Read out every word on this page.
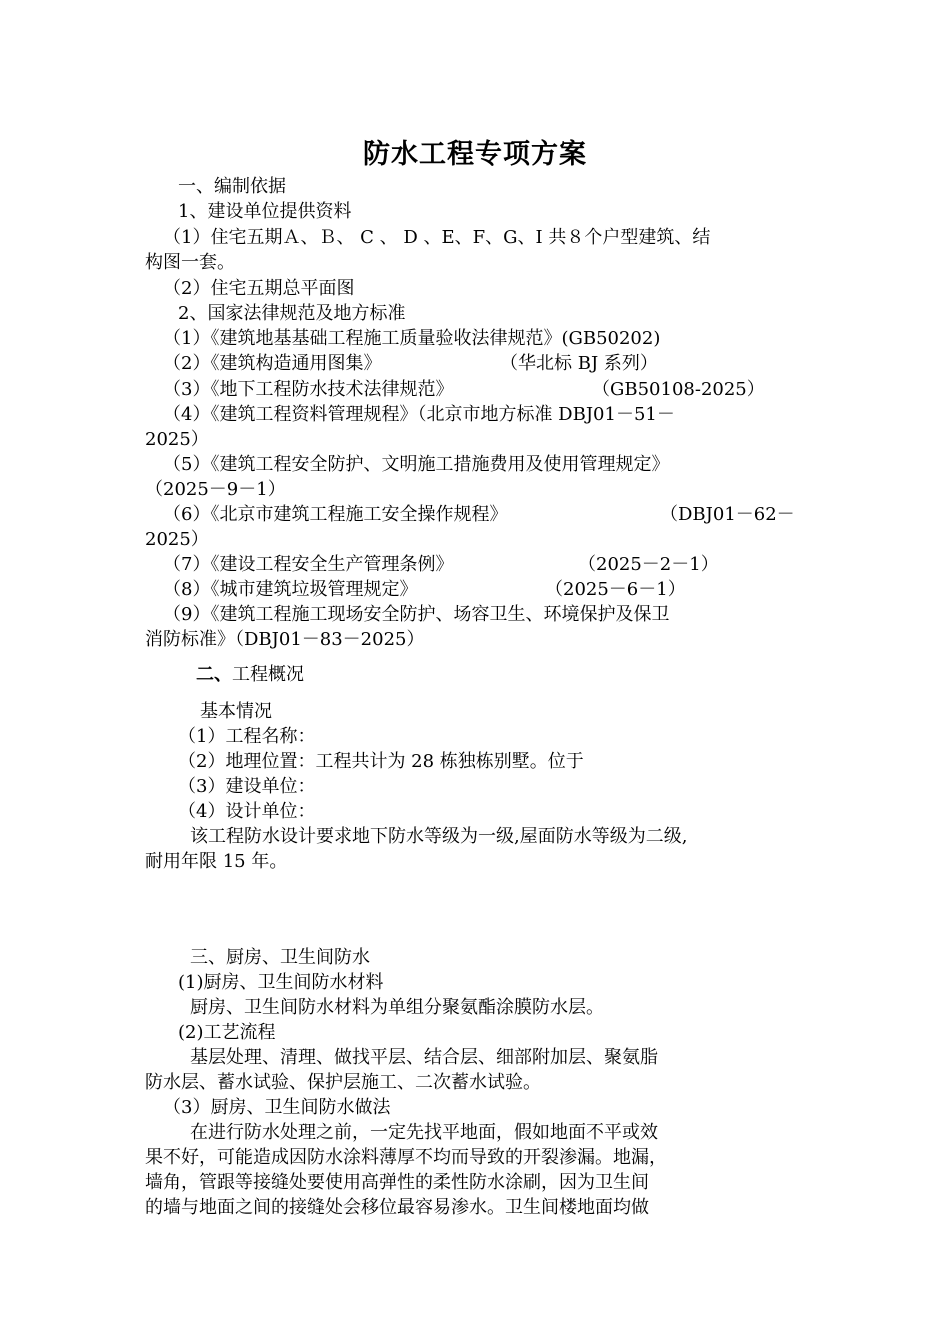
防水工程专项方案
一、编制依据
1、建设单位提供资料
（1）住宅五期Ａ、Ｂ、 C 、 D 、E、F、G、I 共８个户型建筑、结
构图一套。
（2）住宅五期总平面图
2、国家法律规范及地方标准
（1）《建筑地基基础工程施工质量验收法律规范》(GB50202)
（2）《建筑构造通用图集》	（华北标 BJ 系列）
（3）《地下工程防水技术法律规范》	（GB50108-2025）
（4）《建筑工程资料管理规程》（北京市地方标准 DBJ01－51－
2025）
（5）《建筑工程安全防护、文明施工措施费用及使用管理规定》
（2025－9－1）
（6）《北京市建筑工程施工安全操作规程》	（DBJ01－62－
2025）
（7）《建设工程安全生产管理条例》	（2025－2－1）
（8）《城市建筑垃圾管理规定》	（2025－6－1）
（9）《建筑工程施工现场安全防护、场容卫生、环境保护及保卫
消防标准》（DBJ01－83－2025）
二、工程概况
基本情况
（1）工程名称：
（2）地理位置：工程共计为 28 栋独栋别墅。位于
（3）建设单位：
（4）设计单位：
该工程防水设计要求地下防水等级为一级,屋面防水等级为二级,
耐用年限 15 年。
三、厨房、卫生间防水
(1)厨房、卫生间防水材料
厨房、卫生间防水材料为单组分聚氨酯涂膜防水层。
(2)工艺流程
基层处理、清理、做找平层、结合层、细部附加层、聚氨脂
防水层、蓄水试验、保护层施工、二次蓄水试验。
（3）厨房、卫生间防水做法
在进行防水处理之前，一定先找平地面，假如地面不平或效
果不好，可能造成因防水涂料薄厚不均而导致的开裂渗漏。地漏，
墙角，管跟等接缝处要使用高弹性的柔性防水涂刷，因为卫生间
的墙与地面之间的接缝处会移位最容易渗水。卫生间楼地面均做
